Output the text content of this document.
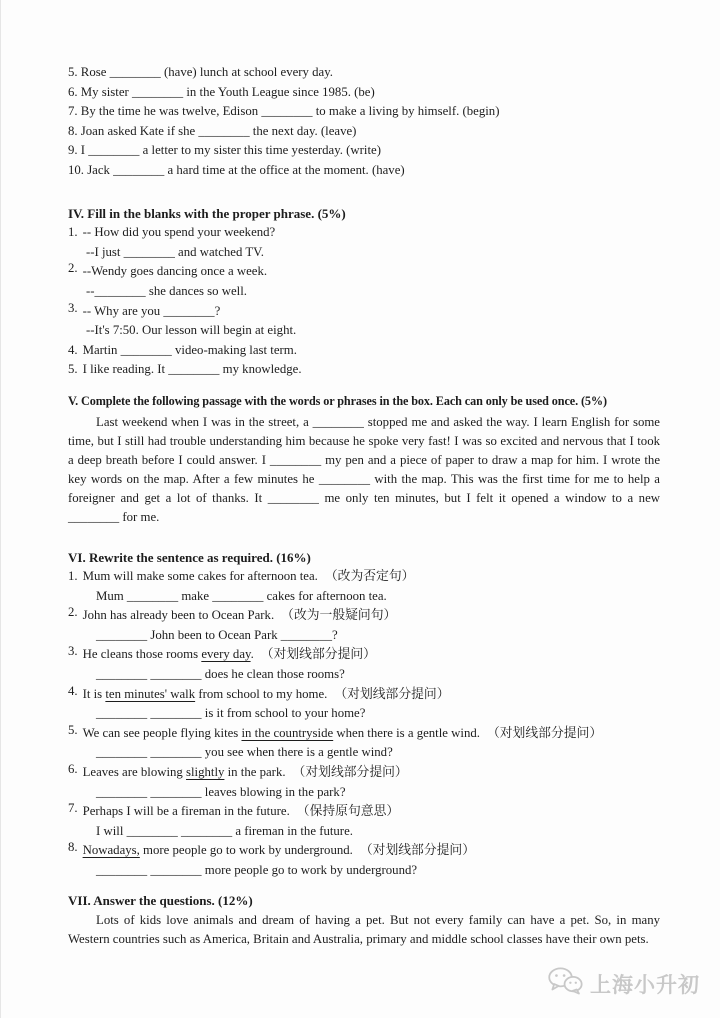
5. Rose ________ (have) lunch at school every day.
6. My sister ________ in the Youth League since 1985. (be)
7. By the time he was twelve, Edison ________ to make a living by himself. (begin)
8. Joan asked Kate if she ________ the next day. (leave)
9. I ________ a letter to my sister this time yesterday. (write)
10. Jack ________ a hard time at the office at the moment. (have)
IV. Fill in the blanks with the proper phrase. (5%)
1. -- How did you spend your weekend?
--I just ________ and watched TV.
2. --Wendy goes dancing once a week.
--________ she dances so well.
3. -- Why are you ________?
--It's 7:50. Our lesson will begin at eight.
4. Martin ________ video-making last term.
5. I like reading. It ________ my knowledge.
V. Complete the following passage with the words or phrases in the box. Each can only be used once. (5%)

Last weekend when I was in the street, a ________ stopped me and asked the way. I learn English for some time, but I still had trouble understanding him because he spoke very fast! I was so excited and nervous that I took a deep breath before I could answer. I ________ my pen and a piece of paper to draw a map for him. I wrote the key words on the map. After a few minutes he ________ with the map. This was the first time for me to help a foreigner and get a lot of thanks. It ________ me only ten minutes, but I felt it opened a window to a new ________ for me.

VI. Rewrite the sentence as required. (16%)
1. Mum will make some cakes for afternoon tea. （改为否定句）
Mum ________ make ________ cakes for afternoon tea.
2. John has already been to Ocean Park. （改为一般疑问句）
________ John been to Ocean Park ________?
3. He cleans those rooms every day. （对划线部分提问）
________ ________ does he clean those rooms?
4. It is ten minutes' walk from school to my home. （对划线部分提问）
________ ________ is it from school to your home?
5. We can see people flying kites in the countryside when there is a gentle wind. （对划线部分提问）
________ ________ you see when there is a gentle wind?
6. Leaves are blowing slightly in the park. （对划线部分提问）
________ ________ leaves blowing in the park?
7. Perhaps I will be a fireman in the future. （保持原句意思）
I will ________ ________ a fireman in the future.
8. Nowadays, more people go to work by underground. （对划线部分提问）
________ ________ more people go to work by underground?
VII. Answer the questions. (12%)

Lots of kids love animals and dream of having a pet. But not every family can have a pet. So, in many Western countries such as America, Britain and Australia, primary and middle school classes have their own pets.

上海小升初
